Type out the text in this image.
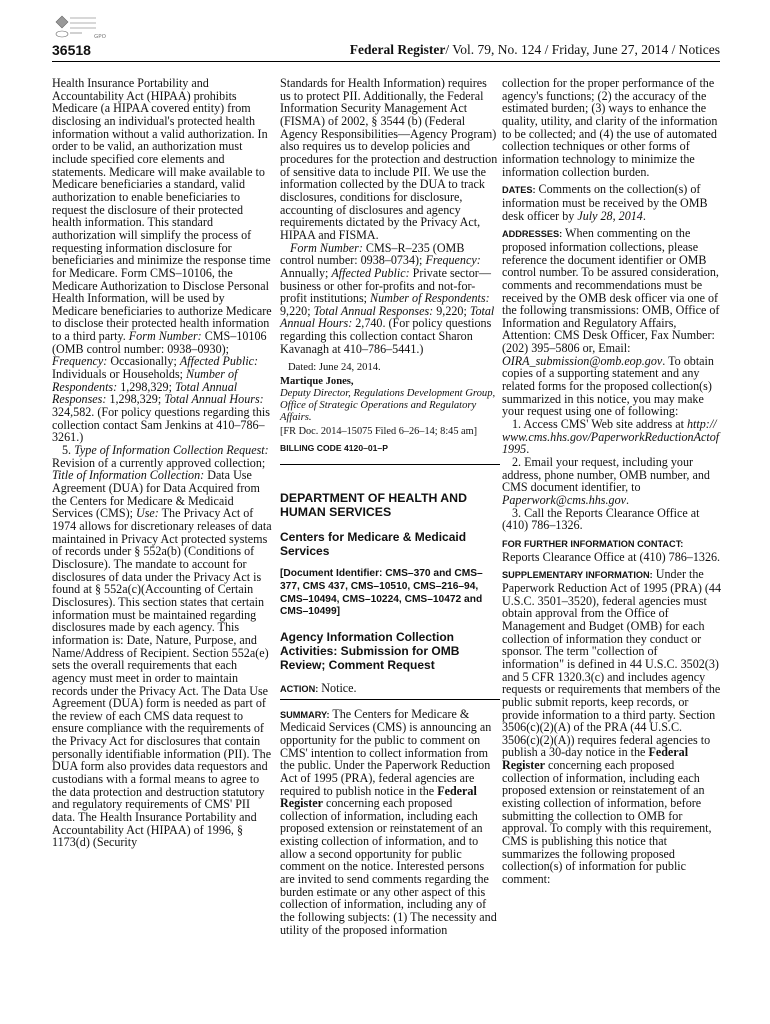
GPO
36518	Federal Register/ Vol. 79, No. 124 / Friday, June 27, 2014 / Notices

Health Insurance Portability and Accountability Act (HIPAA) prohibits Medicare (a HIPAA covered entity) from disclosing an individual's protected health information without a valid authorization. In order to be valid, an authorization must include specified core elements and statements. Medicare will make available to Medicare beneficiaries a standard, valid authorization to enable beneficiaries to request the disclosure of their protected health information. This standard authorization will simplify the process of requesting information disclosure for beneficiaries and minimize the response time for Medicare. Form CMS–10106, the Medicare Authorization to Disclose Personal Health Information, will be used by Medicare beneficiaries to authorize Medicare to disclose their protected health information to a third party. Form Number: CMS–10106 (OMB control number: 0938–0930); Frequency: Occasionally; Affected Public: Individuals or Households; Number of Respondents: 1,298,329; Total Annual Responses: 1,298,329; Total Annual Hours: 324,582. (For policy questions regarding this collection contact Sam Jenkins at 410–786–3261.)

5. Type of Information Collection Request: Revision of a currently approved collection; Title of Information Collection: Data Use Agreement (DUA) for Data Acquired from the Centers for Medicare & Medicaid Services (CMS); Use: The Privacy Act of 1974 allows for discretionary releases of data maintained in Privacy Act protected systems of records under § 552a(b) (Conditions of Disclosure). The mandate to account for disclosures of data under the Privacy Act is found at § 552a(c)(Accounting of Certain Disclosures). This section states that certain information must be maintained regarding disclosures made by each agency. This information is: Date, Nature, Purpose, and Name/Address of Recipient. Section 552a(e) sets the overall requirements that each agency must meet in order to maintain records under the Privacy Act. The Data Use Agreement (DUA) form is needed as part of the review of each CMS data request to ensure compliance with the requirements of the Privacy Act for disclosures that contain personally identifiable information (PII). The DUA form also provides data requestors and custodians with a formal means to agree to the data protection and destruction statutory and regulatory requirements of CMS' PII data. The Health Insurance Portability and Accountability Act (HIPAA) of 1996, § 1173(d) (Security

Standards for Health Information) requires us to protect PII. Additionally, the Federal Information Security Management Act (FISMA) of 2002, § 3544 (b) (Federal Agency Responsibilities—Agency Program) also requires us to develop policies and procedures for the protection and destruction of sensitive data to include PII. We use the information collected by the DUA to track disclosures, conditions for disclosure, accounting of disclosures and agency requirements dictated by the Privacy Act, HIPAA and FISMA.

Form Number: CMS–R–235 (OMB control number: 0938–0734); Frequency: Annually; Affected Public: Private sector—business or other for-profits and not-for-profit institutions; Number of Respondents: 9,220; Total Annual Responses: 9,220; Total Annual Hours: 2,740. (For policy questions regarding this collection contact Sharon Kavanagh at 410–786–5441.)

Dated: June 24, 2014.

Martique Jones,

Deputy Director, Regulations Development Group, Office of Strategic Operations and Regulatory Affairs.

[FR Doc. 2014–15075 Filed 6–26–14; 8:45 am]

BILLING CODE 4120–01–P

DEPARTMENT OF HEALTH AND HUMAN SERVICES

Centers for Medicare & Medicaid Services

[Document Identifier: CMS–370 and CMS–377, CMS 437, CMS–10510, CMS–216–94, CMS–10494, CMS–10224, CMS–10472 and CMS–10499]

Agency Information Collection Activities: Submission for OMB Review; Comment Request

ACTION: Notice.

SUMMARY: The Centers for Medicare & Medicaid Services (CMS) is announcing an opportunity for the public to comment on CMS' intention to collect information from the public. Under the Paperwork Reduction Act of 1995 (PRA), federal agencies are required to publish notice in the Federal Register concerning each proposed collection of information, including each proposed extension or reinstatement of an existing collection of information, and to allow a second opportunity for public comment on the notice. Interested persons are invited to send comments regarding the burden estimate or any other aspect of this collection of information, including any of the following subjects: (1) The necessity and utility of the proposed information

collection for the proper performance of the agency's functions; (2) the accuracy of the estimated burden; (3) ways to enhance the quality, utility, and clarity of the information to be collected; and (4) the use of automated collection techniques or other forms of information technology to minimize the information collection burden.

DATES: Comments on the collection(s) of information must be received by the OMB desk officer by July 28, 2014.

ADDRESSES: When commenting on the proposed information collections, please reference the document identifier or OMB control number. To be assured consideration, comments and recommendations must be received by the OMB desk officer via one of the following transmissions: OMB, Office of Information and Regulatory Affairs, Attention: CMS Desk Officer, Fax Number: (202) 395–5806 or, Email: OIRA_submission@omb.eop.gov. To obtain copies of a supporting statement and any related forms for the proposed collection(s) summarized in this notice, you may make your request using one of following:

1. Access CMS' Web site address at http://www.cms.hhs.gov/PaperworkReductionActof1995.

2. Email your request, including your address, phone number, OMB number, and CMS document identifier, to Paperwork@cms.hhs.gov.

3. Call the Reports Clearance Office at (410) 786–1326.

FOR FURTHER INFORMATION CONTACT:
Reports Clearance Office at (410) 786–1326.

SUPPLEMENTARY INFORMATION: Under the Paperwork Reduction Act of 1995 (PRA) (44 U.S.C. 3501–3520), federal agencies must obtain approval from the Office of Management and Budget (OMB) for each collection of information they conduct or sponsor. The term "collection of information" is defined in 44 U.S.C. 3502(3) and 5 CFR 1320.3(c) and includes agency requests or requirements that members of the public submit reports, keep records, or provide information to a third party. Section 3506(c)(2)(A) of the PRA (44 U.S.C. 3506(c)(2)(A)) requires federal agencies to publish a 30-day notice in the Federal Register concerning each proposed collection of information, including each proposed extension or reinstatement of an existing collection of information, before submitting the collection to OMB for approval. To comply with this requirement, CMS is publishing this notice that summarizes the following proposed collection(s) of information for public comment:
